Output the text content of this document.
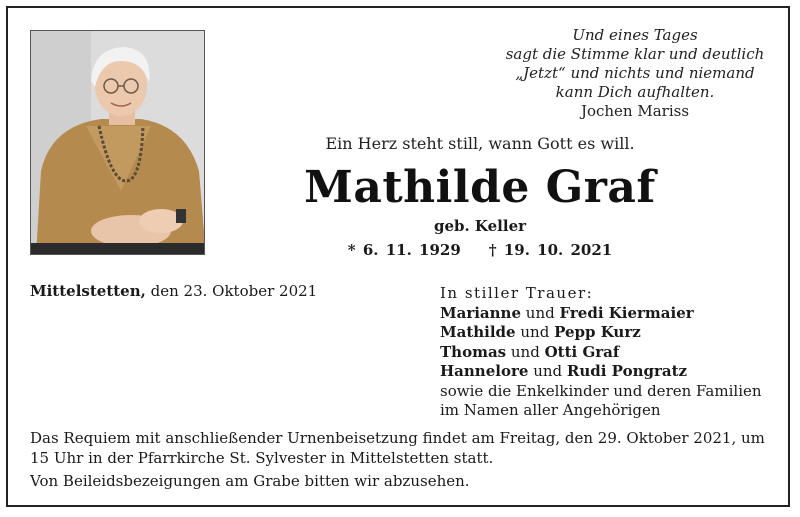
Und eines Tages
sagt die Stimme klar und deutlich
„Jetzt“ und nichts und niemand
kann Dich aufhalten.
Jochen Mariss
Ein Herz steht still, wann Gott es will.
Mathilde Graf
geb. Keller
* 6. 11. 1929 † 19. 10. 2021
Mittelstetten, den 23. Oktober 2021	In stiller Trauer:
Marianne und Fredi Kiermaier
Mathilde und Pepp Kurz
Thomas und Otti Graf
Hannelore und Rudi Pongratz
sowie die Enkelkinder und deren Familien
im Namen aller Angehörigen
Das Requiem mit anschließender Urnenbeisetzung findet am Freitag, den 29. Oktober 2021, um 15 Uhr in der Pfarrkirche St. Sylvester in Mittelstetten statt.
Von Beileidsbezeigungen am Grabe bitten wir abzusehen.
